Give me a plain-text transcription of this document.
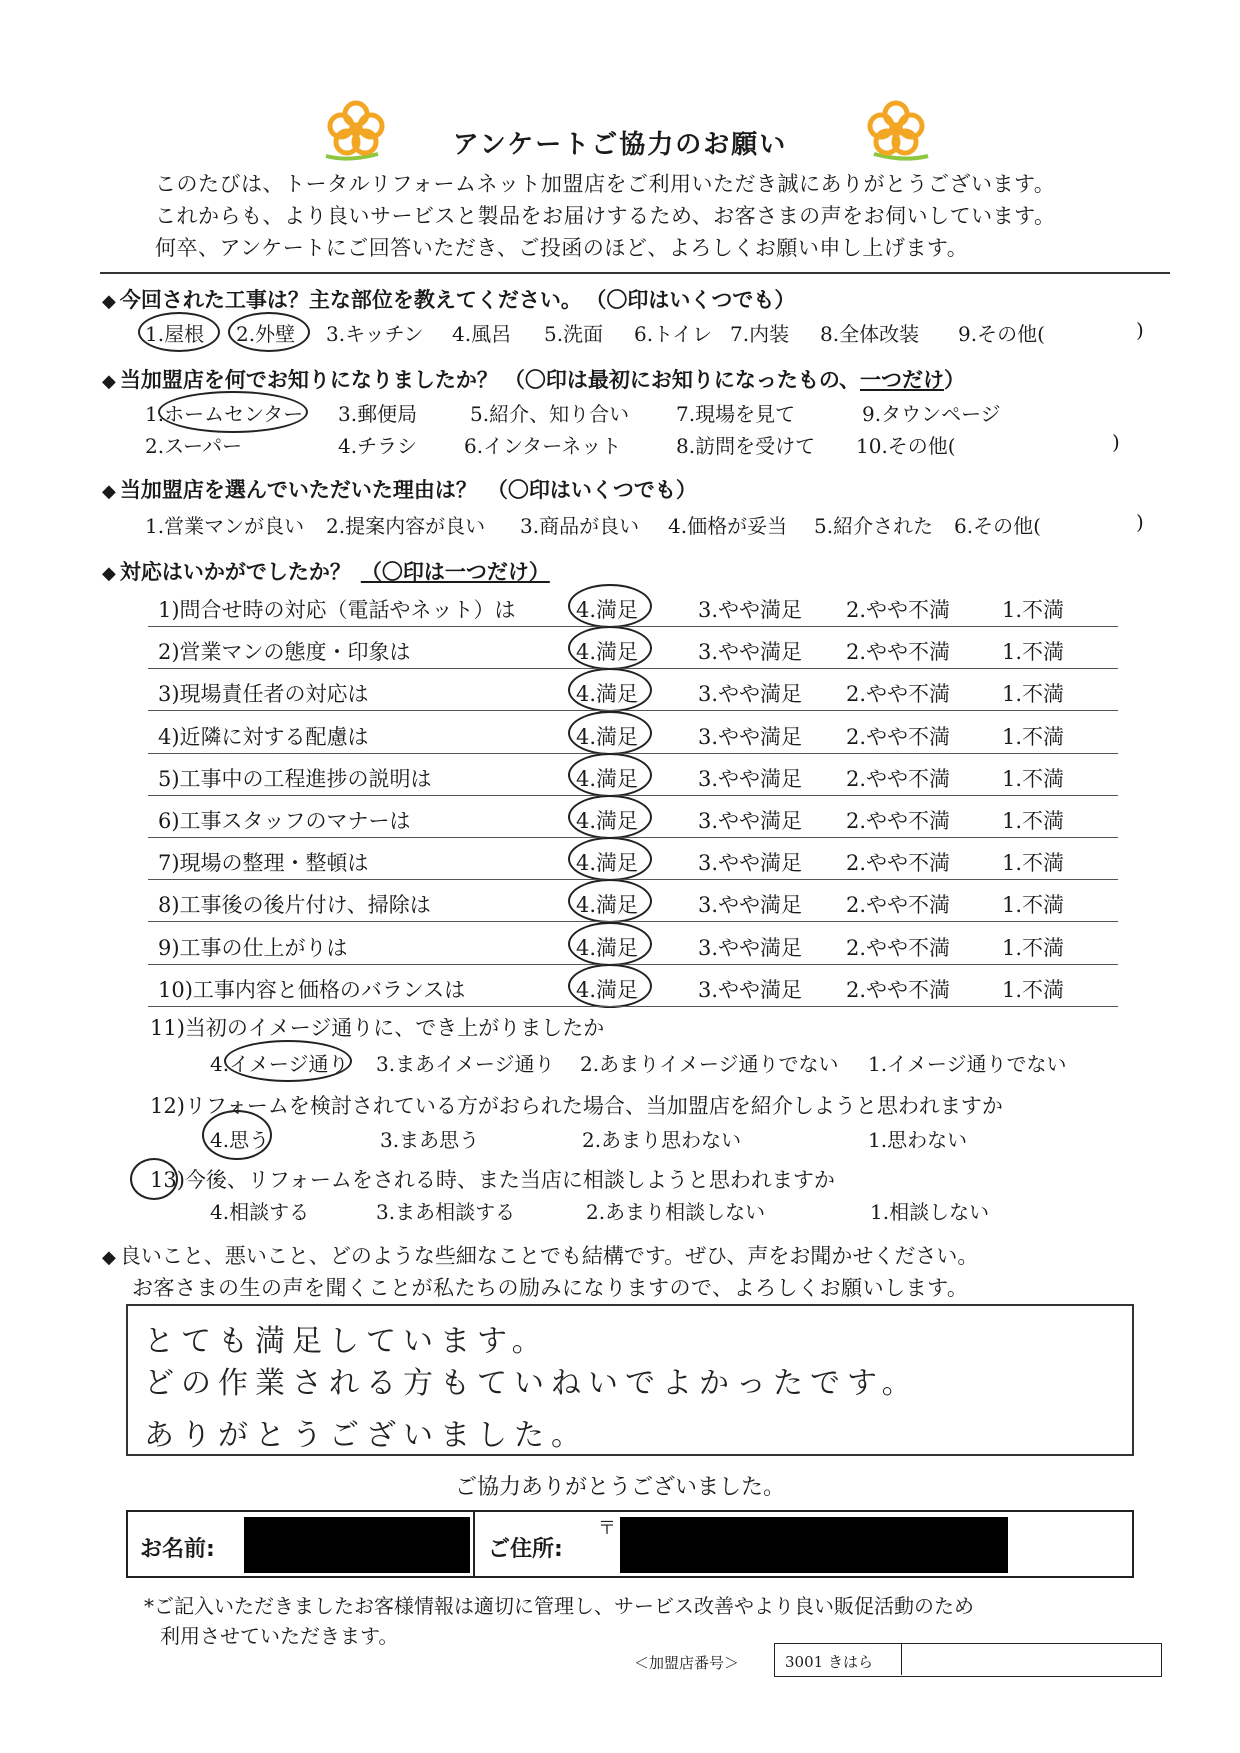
アンケートご協力のお願い
このたびは、トータルリフォームネット加盟店をご利用いただき誠にありがとうございます。
これからも、より良いサービスと製品をお届けするため、お客さまの声をお伺いしています。
何卒、アンケートにご回答いただき、ご投函のほど、よろしくお願い申し上げます。
◆ 今回された工事は？主な部位を教えてください。 （〇印はいくつでも）
1.屋根 2.外壁 3.キッチン 4.風呂 5.洗面 6.トイレ 7.内装 8.全体改装 9.その他(	)
◆ 当加盟店を何でお知りになりましたか？ （〇印は最初にお知りになったもの、一つだけ）
1.ホームセンター 3.郵便局	5.紹介、知り合い 7.現場を見て	9.タウンページ
2.スーパー	4.チラシ 6.インターネット	8.訪問を受けて 10.その他(	)
◆ 当加盟店を選んでいただいた理由は？ （〇印はいくつでも）
1.営業マンが良い 2.提案内容が良い 3.商品が良い 4.価格が妥当 5.紹介された 6.その他(	)
◆ 対応はいかがでしたか？ （〇印は一つだけ）
1)問合せ時の対応（電話やネット）は	4.満足	3.やや満足 2.やや不満 1.不満
2)営業マンの態度・印象は	4.満足	3.やや満足 2.やや不満 1.不満
3)現場責任者の対応は	4.満足	3.やや満足 2.やや不満 1.不満
4)近隣に対する配慮は	4.満足	3.やや満足 2.やや不満 1.不満
5)工事中の工程進捗の説明は	4.満足	3.やや満足 2.やや不満 1.不満
6)工事スタッフのマナーは	4.満足	3.やや満足 2.やや不満 1.不満
7)現場の整理・整頓は	4.満足	3.やや満足 2.やや不満 1.不満
8)工事後の後片付け、掃除は	4.満足	3.やや満足 2.やや不満 1.不満
9)工事の仕上がりは	4.満足	3.やや満足 2.やや不満 1.不満
10)工事内容と価格のバランスは	4.満足	3.やや満足 2.やや不満 1.不満
11)当初のイメージ通りに、でき上がりましたか
4.イメージ通り 3.まあイメージ通り 2.あまりイメージ通りでない 1.イメージ通りでない
12)リフォームを検討されている方がおられた場合、当加盟店を紹介しようと思われますか
4.思う	3.まあ思う	2.あまり思わない	1.思わない
13)今後、リフォームをされる時、また当店に相談しようと思われますか
4.相談する	3.まあ相談する	2.あまり相談しない	1.相談しない
◆ 良いこと、悪いこと、どのような些細なことでも結構です。ぜひ、声をお聞かせください。
お客さまの生の声を聞くことが私たちの励みになりますので、よろしくお願いします。
とても満足しています。
どの作業される方もていねいでよかったです。
ありがとうございました。
ご協力ありがとうございました。
お名前:	ご住所:
〒
*ご記入いただきましたお客様情報は適切に管理し、サービス改善やより良い販促活動のため
利用させていただきます。
＜加盟店番号＞	3001 きはら
